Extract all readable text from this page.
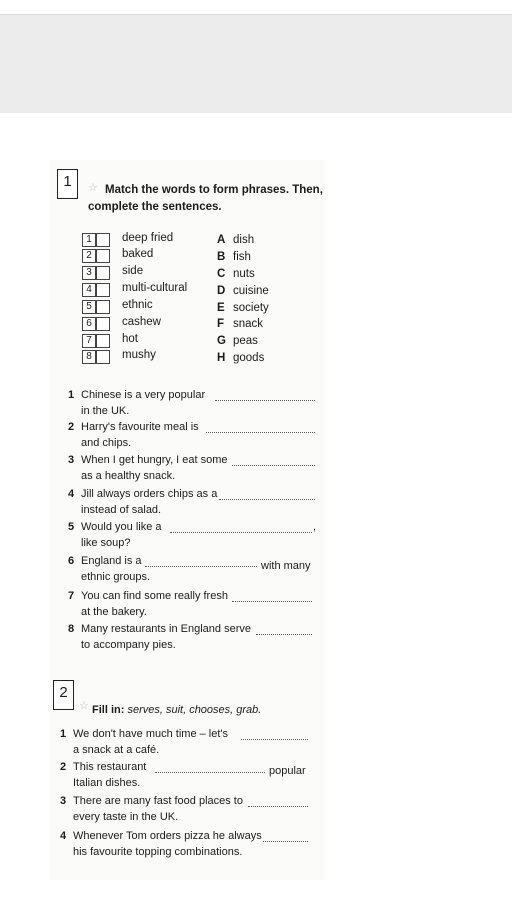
1 ☆ Match the words to form phrases. Then,
complete the sentences.
1	deep fried
2	baked
3	side
4	multi-cultural
5	ethnic
6	cashew
7	hot
8	mushy
A dish
B fish
C nuts
D cuisine
E society
F snack
G peas
H goods
1 Chinese is a very popular
in the UK.
2 Harry's favourite meal is
and chips.
3 When I get hungry, I eat some
as a healthy snack.
4 Jill always orders chips as a
instead of salad.
5 Would you like a	,
like soup?
6 England is a	with many
ethnic groups.
7 You can find some really fresh
at the bakery.
8 Many restaurants in England serve
to accompany pies.
2
☆ Fill in: serves, suit, chooses, grab.
1 We don't have much time – let's
a snack at a café.
2 This restaurant	popular
Italian dishes.
3 There are many fast food places to
every taste in the UK.
4 Whenever Tom orders pizza he always
his favourite topping combinations.
